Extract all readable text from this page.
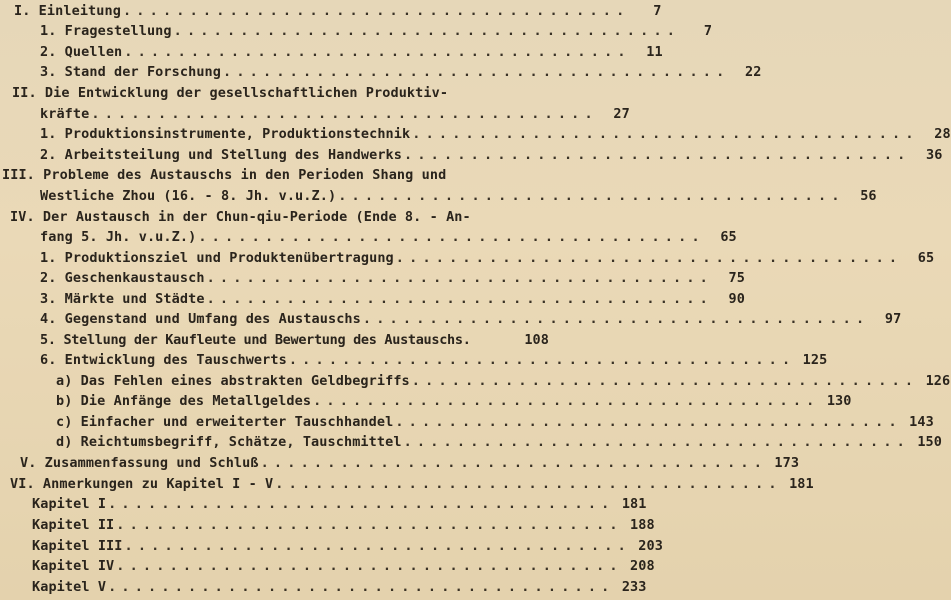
I. Einleitung ......................................	7
1. Fragestellung ......................................	7
2. Quellen ......................................	11
3. Stand der Forschung ......................................	22
II. Die Entwicklung der gesellschaftlichen Produktiv-
kräfte ......................................	27
1. Produktionsinstrumente, Produktionstechnik ......................................	28
2. Arbeitsteilung und Stellung des Handwerks ......................................	36
III. Probleme des Austauschs in den Perioden Shang und
Westliche Zhou (16. - 8. Jh. v.u.Z.) ......................................	56
IV. Der Austausch in der Chun-qiu-Periode (Ende 8. - An-
fang 5. Jh. v.u.Z.) ......................................	65
1. Produktionsziel und Produktenübertragung ......................................	65
2. Geschenkaustausch ......................................	75
3. Märkte und Städte ......................................	90
4. Gegenstand und Umfang des Austauschs ......................................	97
5. Stellung der Kaufleute und Bewertung des Austauschs.	108
6. Entwicklung des Tauschwerts ...................................... 125
a) Das Fehlen eines abstrakten Geldbegriffs ...................................... 126
b) Die Anfänge des Metallgeldes ...................................... 130
c) Einfacher und erweiterter Tauschhandel ...................................... 143
d) Reichtumsbegriff, Schätze, Tauschmittel ...................................... 150
V. Zusammenfassung und Schluß ...................................... 173
VI. Anmerkungen zu Kapitel I - V ...................................... 181
Kapitel I ...................................... 181
Kapitel II ...................................... 188
Kapitel III ...................................... 203
Kapitel IV ...................................... 208
Kapitel V ...................................... 233
